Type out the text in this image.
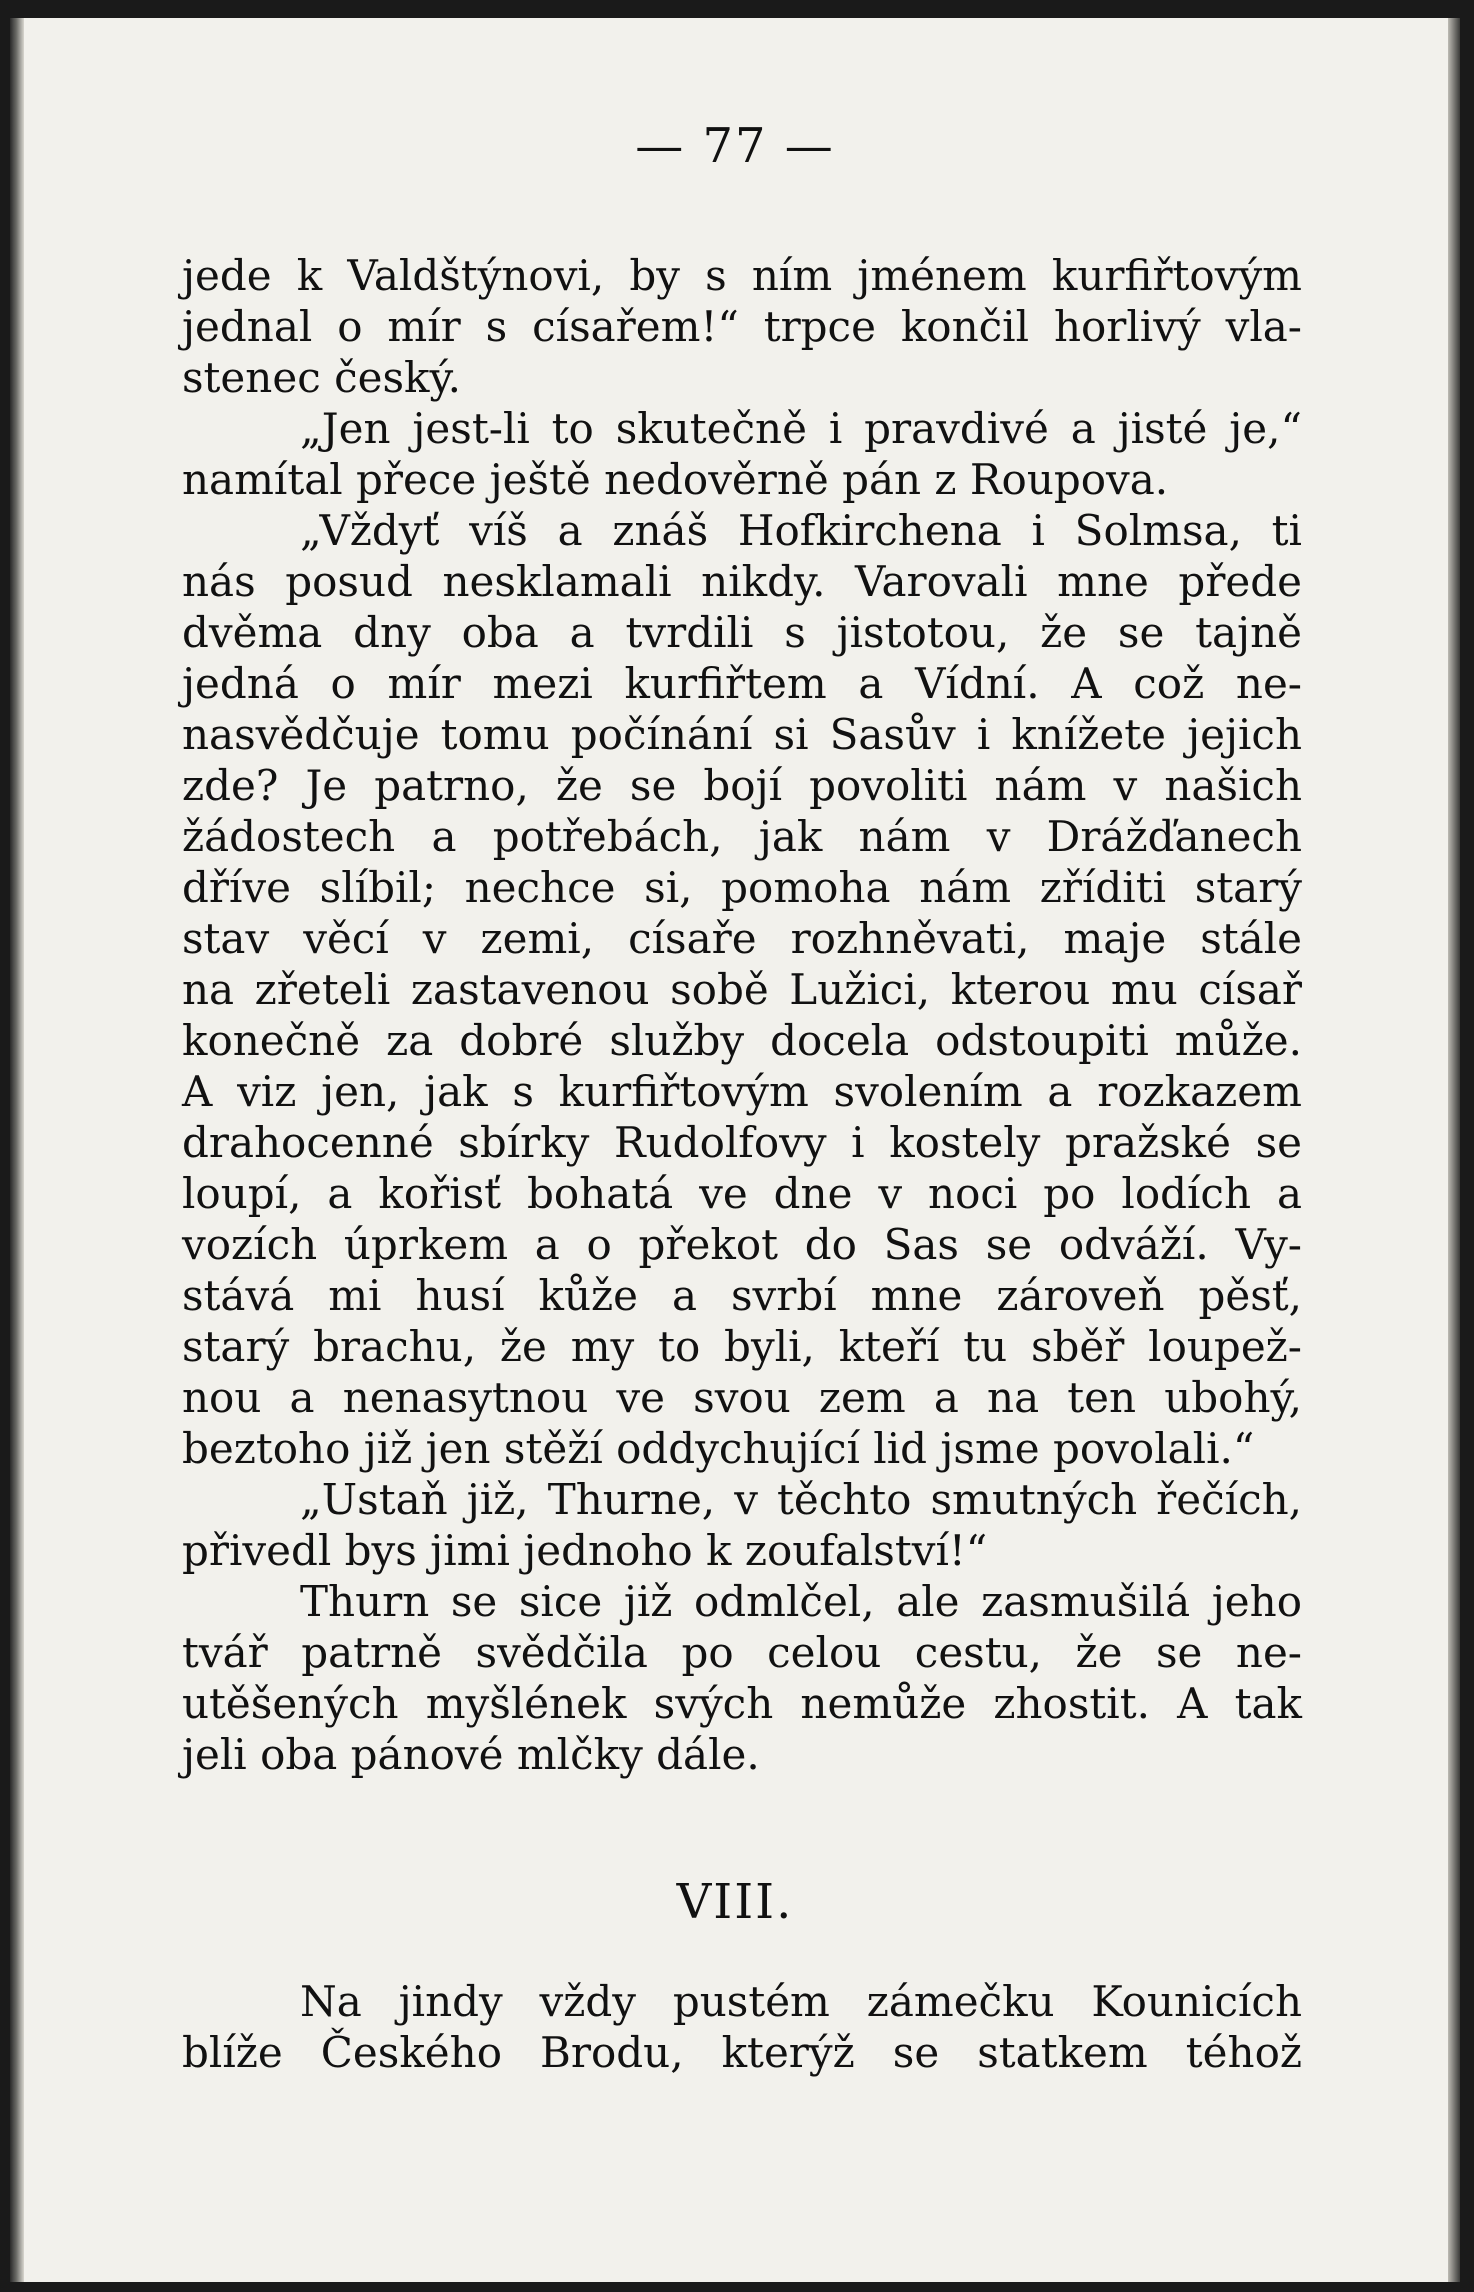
— 77 —
jede k Valdštýnovi, by s ním jménem kurfiřtovým
jednal o mír s císařem!“ trpce končil horlivý vla-
stenec český.
„Jen jest-li to skutečně i pravdivé a jisté je,“
namítal přece ještě nedověrně pán z Roupova.
„Vždyť víš a znáš Hofkirchena i Solmsa, ti
nás posud nesklamali nikdy. Varovali mne přede
dvěma dny oba a tvrdili s jistotou, že se tajně
jedná o mír mezi kurfiřtem a Vídní. A což ne-
nasvědčuje tomu počínání si Sasův i knížete jejich
zde? Je patrno, že se bojí povoliti nám v našich
žádostech a potřebách, jak nám v Drážďanech
dříve slíbil; nechce si, pomoha nám zříditi starý
stav věcí v zemi, císaře rozhněvati, maje stále
na zřeteli zastavenou sobě Lužici, kterou mu císař
konečně za dobré služby docela odstoupiti může.
A viz jen, jak s kurfiřtovým svolením a rozkazem
drahocenné sbírky Rudolfovy i kostely pražské se
loupí, a kořisť bohatá ve dne v noci po lodích a
vozích úprkem a o překot do Sas se odváží. Vy-
stává mi husí kůže a svrbí mne zároveň pěsť,
starý brachu, že my to byli, kteří tu sběř loupež-
nou a nenasytnou ve svou zem a na ten ubohý,
beztoho již jen stěží oddychující lid jsme povolali.“
„Ustaň již, Thurne, v těchto smutných řečích,
přivedl bys jimi jednoho k zoufalství!“
Thurn se sice již odmlčel, ale zasmušilá jeho
tvář patrně svědčila po celou cestu, že se ne-
utěšených myšlének svých nemůže zhostit. A tak
jeli oba pánové mlčky dále.
VIII.
Na jindy vždy pustém zámečku Kounicích
blíže Českého Brodu, kterýž se statkem téhož
